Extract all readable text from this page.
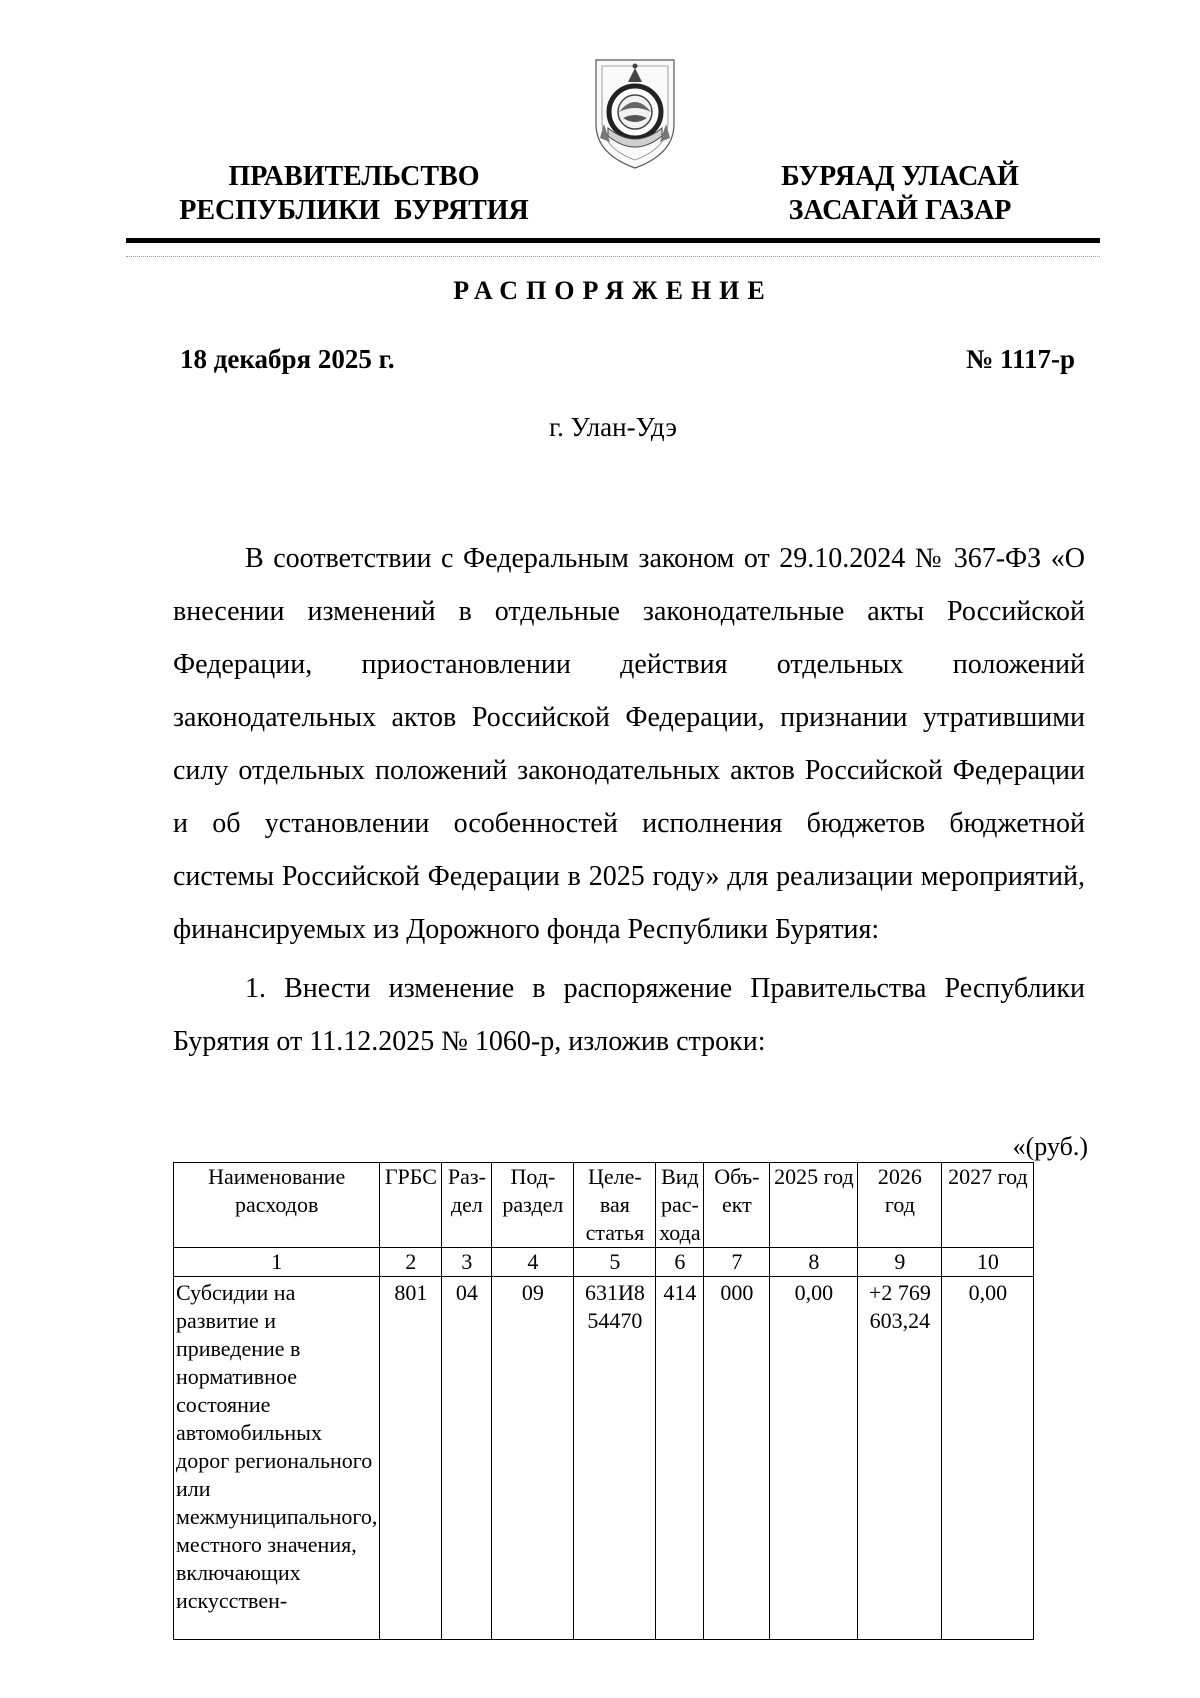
ПРАВИТЕЛЬСТВО
РЕСПУБЛИКИ  БУРЯТИЯ
БУРЯАД УЛАСАЙ
ЗАСАГАЙ ГАЗАР
РАСПОРЯЖЕНИЕ
18 декабря 2025 г.	№ 1117-р
г. Улан-Удэ

В соответствии с Федеральным законом от 29.10.2024 № 367-ФЗ «О внесении изменений в отдельные законодательные акты Российской Федерации, приостановлении действия отдельных положений законодательных актов Российской Федерации, признании утратившими силу отдельных положений законодательных актов Российской Федерации и об установлении особенностей исполнения бюджетов бюджетной системы Российской Федерации в 2025 году» для реализации мероприятий, финансируемых из Дорожного фонда Республики Бурятия:

1. Внести изменение в распоряжение Правительства Республики Бурятия от 11.12.2025 № 1060-р, изложив строки:

«(руб.)
Наименование расходов	ГРБС	Раз-дел	Под-раздел	Целе-вая статья	Вид рас-хода	Объ-ект	2025 год	2026 год	2027 год
1	2	3	4	5	6	7	8	9	10
Субсидии на развитие и приведение в нормативное состояние автомобильных дорог регионального или межмуниципального, местного значения, включающих искусствен-	801	04	09	631И8 54470	414	000	0,00	+2 769 603,24	0,00
